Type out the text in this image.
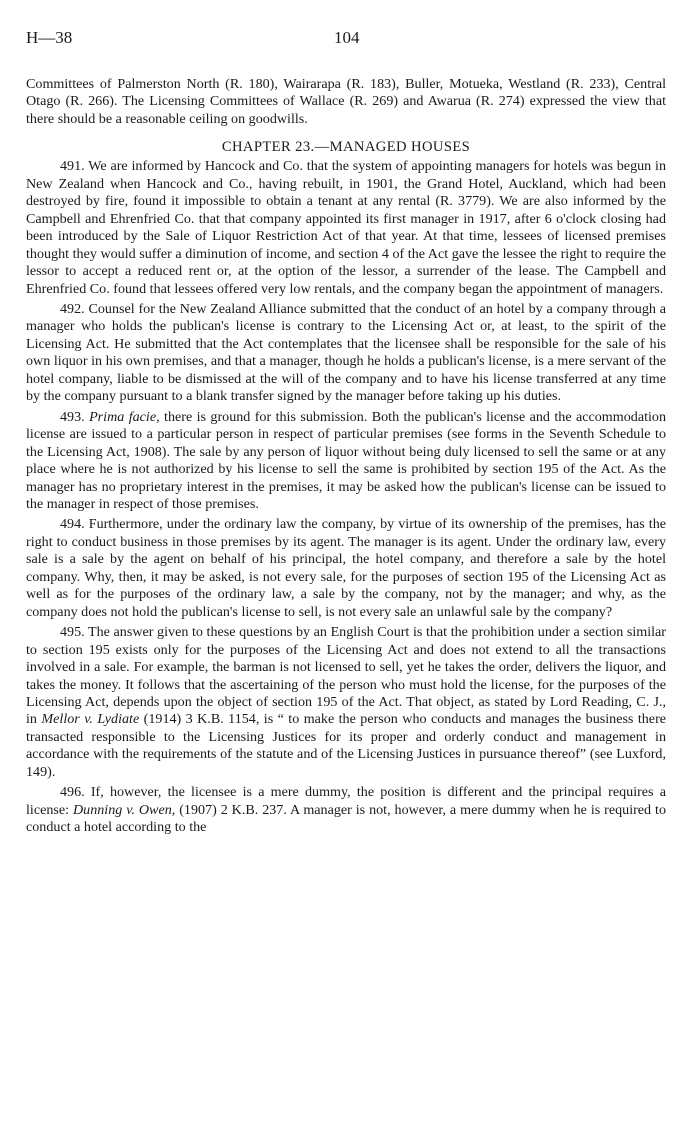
H—38	104

Committees of Palmerston North (R. 180), Wairarapa (R. 183), Buller, Motueka, Westland (R. 233), Central Otago (R. 266). The Licensing Committees of Wallace (R. 269) and Awarua (R. 274) expressed the view that there should be a reasonable ceiling on goodwills.

CHAPTER 23.—MANAGED HOUSES

491. We are informed by Hancock and Co. that the system of appointing managers for hotels was begun in New Zealand when Hancock and Co., having rebuilt, in 1901, the Grand Hotel, Auckland, which had been destroyed by fire, found it impossible to obtain a tenant at any rental (R. 3779). We are also informed by the Campbell and Ehrenfried Co. that that company appointed its first manager in 1917, after 6 o'clock closing had been introduced by the Sale of Liquor Restriction Act of that year. At that time, lessees of licensed premises thought they would suffer a diminution of income, and section 4 of the Act gave the lessee the right to require the lessor to accept a reduced rent or, at the option of the lessor, a surrender of the lease. The Campbell and Ehrenfried Co. found that lessees offered very low rentals, and the company began the appointment of managers.

492. Counsel for the New Zealand Alliance submitted that the conduct of an hotel by a company through a manager who holds the publican's license is contrary to the Licensing Act or, at least, to the spirit of the Licensing Act. He submitted that the Act contemplates that the licensee shall be responsible for the sale of his own liquor in his own premises, and that a manager, though he holds a publican's license, is a mere servant of the hotel company, liable to be dismissed at the will of the company and to have his license transferred at any time by the company pursuant to a blank transfer signed by the manager before taking up his duties.

493. Prima facie, there is ground for this submission. Both the publican's license and the accommodation license are issued to a particular person in respect of particular premises (see forms in the Seventh Schedule to the Licensing Act, 1908). The sale by any person of liquor without being duly licensed to sell the same or at any place where he is not authorized by his license to sell the same is prohibited by section 195 of the Act. As the manager has no proprietary interest in the premises, it may be asked how the publican's license can be issued to the manager in respect of those premises.

494. Furthermore, under the ordinary law the company, by virtue of its ownership of the premises, has the right to conduct business in those premises by its agent. The manager is its agent. Under the ordinary law, every sale is a sale by the agent on behalf of his principal, the hotel company, and therefore a sale by the hotel company. Why, then, it may be asked, is not every sale, for the purposes of section 195 of the Licensing Act as well as for the purposes of the ordinary law, a sale by the company, not by the manager; and why, as the company does not hold the publican's license to sell, is not every sale an unlawful sale by the company?

495. The answer given to these questions by an English Court is that the prohibition under a section similar to section 195 exists only for the purposes of the Licensing Act and does not extend to all the transactions involved in a sale. For example, the barman is not licensed to sell, yet he takes the order, delivers the liquor, and takes the money. It follows that the ascertaining of the person who must hold the license, for the purposes of the Licensing Act, depends upon the object of section 195 of the Act. That object, as stated by Lord Reading, C. J., in Mellor v. Lydiate (1914) 3 K.B. 1154, is “ to make the person who conducts and manages the business there transacted responsible to the Licensing Justices for its proper and orderly conduct and management in accordance with the requirements of the statute and of the Licensing Justices in pursuance thereof” (see Luxford, 149).

496. If, however, the licensee is a mere dummy, the position is different and the principal requires a license: Dunning v. Owen, (1907) 2 K.B. 237. A manager is not, however, a mere dummy when he is required to conduct a hotel according to the
